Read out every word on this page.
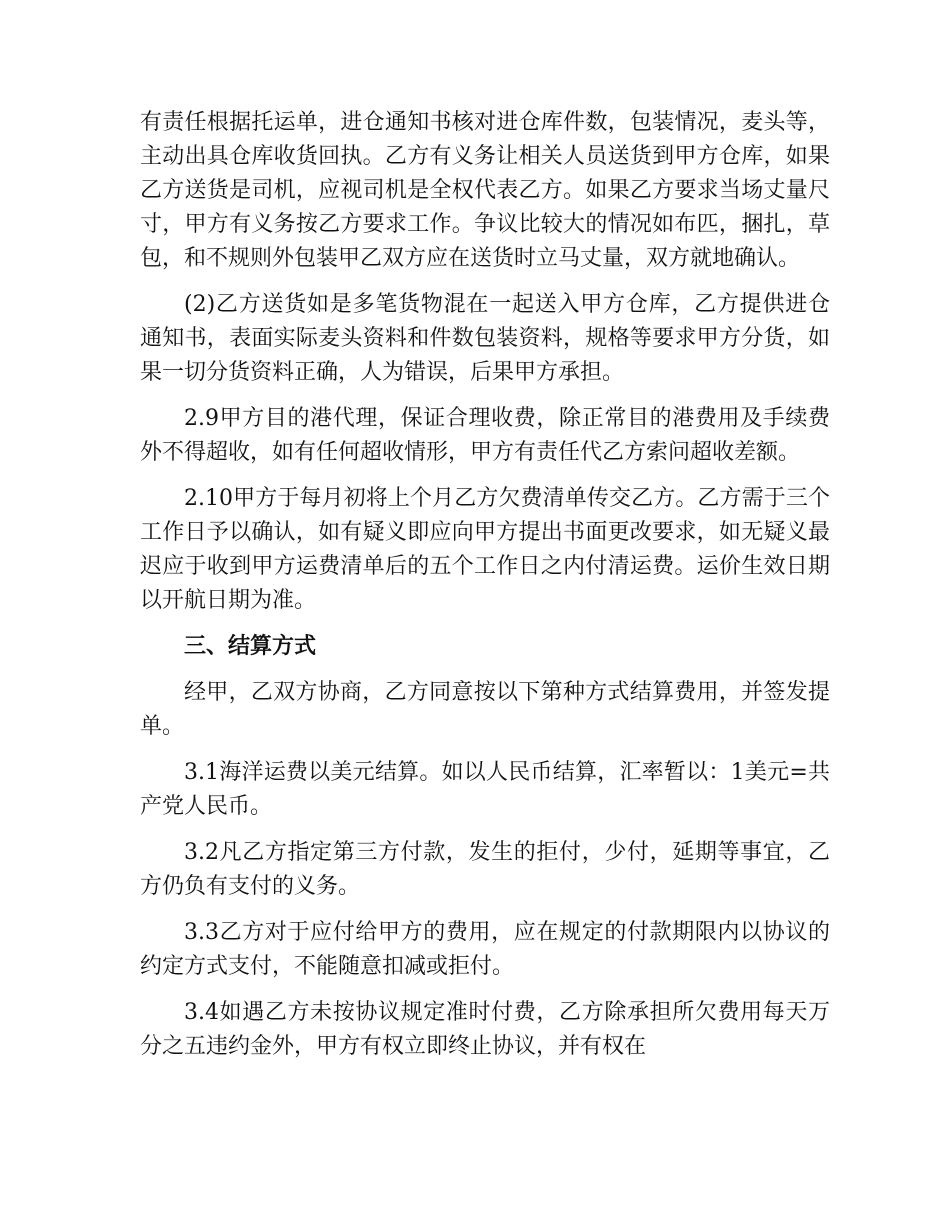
有责任根据托运单，进仓通知书核对进仓库件数，包装情况，麦头等，主动出具仓库收货回执。乙方有义务让相关人员送货到甲方仓库，如果乙方送货是司机，应视司机是全权代表乙方。如果乙方要求当场丈量尺寸，甲方有义务按乙方要求工作。争议比较大的情况如布匹，捆扎，草包，和不规则外包装甲乙双方应在送货时立马丈量，双方就地确认。

(2)乙方送货如是多笔货物混在一起送入甲方仓库，乙方提供进仓通知书，表面实际麦头资料和件数包装资料，规格等要求甲方分货，如果一切分货资料正确，人为错误，后果甲方承担。

2.9甲方目的港代理，保证合理收费，除正常目的港费用及手续费外不得超收，如有任何超收情形，甲方有责任代乙方索问超收差额。

2.10甲方于每月初将上个月乙方欠费清单传交乙方。乙方需于三个工作日予以确认，如有疑义即应向甲方提出书面更改要求，如无疑义最迟应于收到甲方运费清单后的五个工作日之内付清运费。运价生效日期以开航日期为准。

三、结算方式

经甲，乙双方协商，乙方同意按以下第种方式结算费用，并签发提单。

3.1海洋运费以美元结算。如以人民币结算，汇率暂以：1美元=共产党人民币。

3.2凡乙方指定第三方付款，发生的拒付，少付，延期等事宜，乙方仍负有支付的义务。

3.3乙方对于应付给甲方的费用，应在规定的付款期限内以协议的约定方式支付，不能随意扣减或拒付。

3.4如遇乙方未按协议规定准时付费，乙方除承担所欠费用每天万分之五违约金外，甲方有权立即终止协议，并有权在
